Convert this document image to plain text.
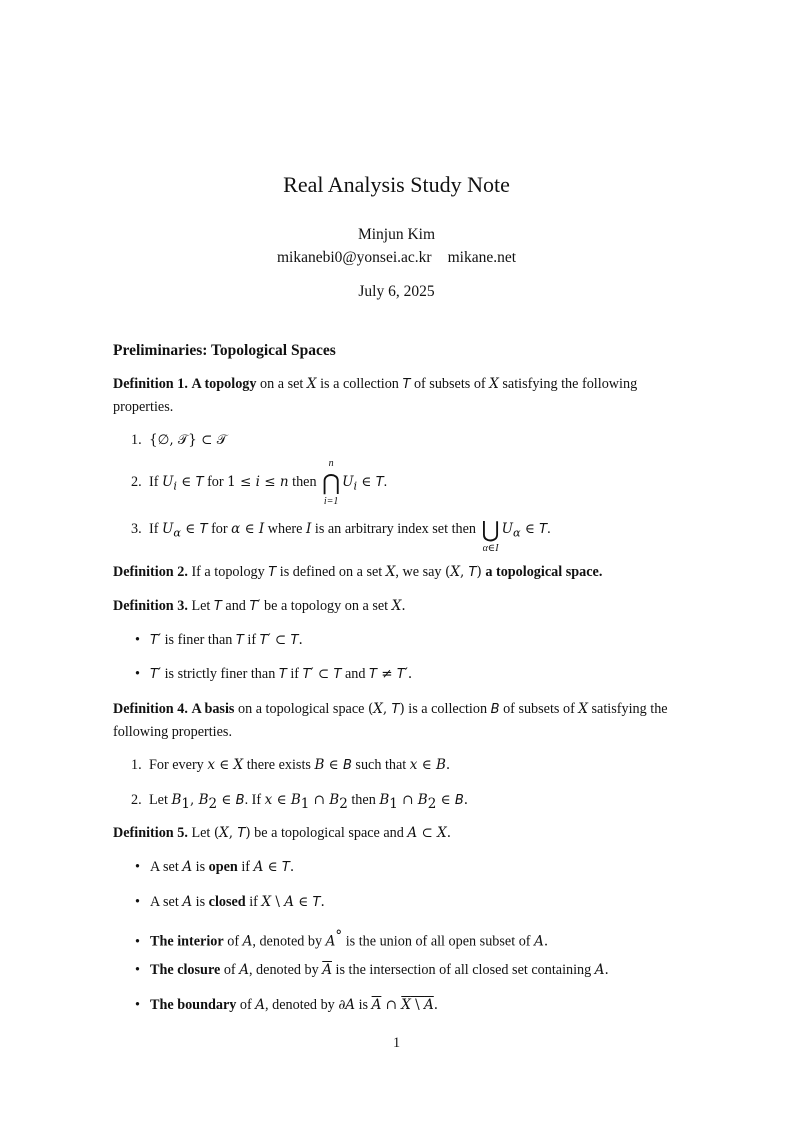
Real Analysis Study Note
Minjun Kim
mikanebi0@yonsei.ac.kr mikane.net
July 6, 2025
Preliminaries: Topological Spaces
Definition 1. A topology on a set X is a collection T of subsets of X satisfying the following properties.
1. {∅, 𝒯} ⊂ 𝒯
2. If $U_i$ ∈ T for 1 ≤ i ≤ n then
n
⋂
i=1
$U_i$ ∈ T.
3. If $U_\alpha$ ∈ T for α ∈ I where I is an arbitrary index set then ⋃
α∈I
$U_\alpha$ ∈ T.
Definition 2. If a topology T is defined on a set X, we say (X, T) a topological space.
Definition 3. Let T and T′ be a topology on a set X.
• T′ is finer than T if T′ ⊂ T.
• T′ is strictly finer than T if T′ ⊂ T and T ≠ T′.
Definition 4. A basis on a topological space (X, T) is a collection B of subsets of X satisfying the following properties.
1. For every x ∈ X there exists B ∈ B such that x ∈ B.
2. Let $B_1$, $B_2$ ∈ B. If x ∈ $B_1$ ∩ $B_2$ then $B_1$ ∩ $B_2$ ∈ B.
Definition 5. Let (X, T) be a topological space and A ⊂ X.
• A set A is open if A ∈ T.
• A set A is closed if X \ A ∈ T.
• The interior of A, denoted by A° is the union of all open subset of A.
• The closure of A, denoted by $\overline{A}$ is the intersection of all closed set containing A.
• The boundary of A, denoted by ∂A is $\overline{A}$ ∩ X \ A.
1
